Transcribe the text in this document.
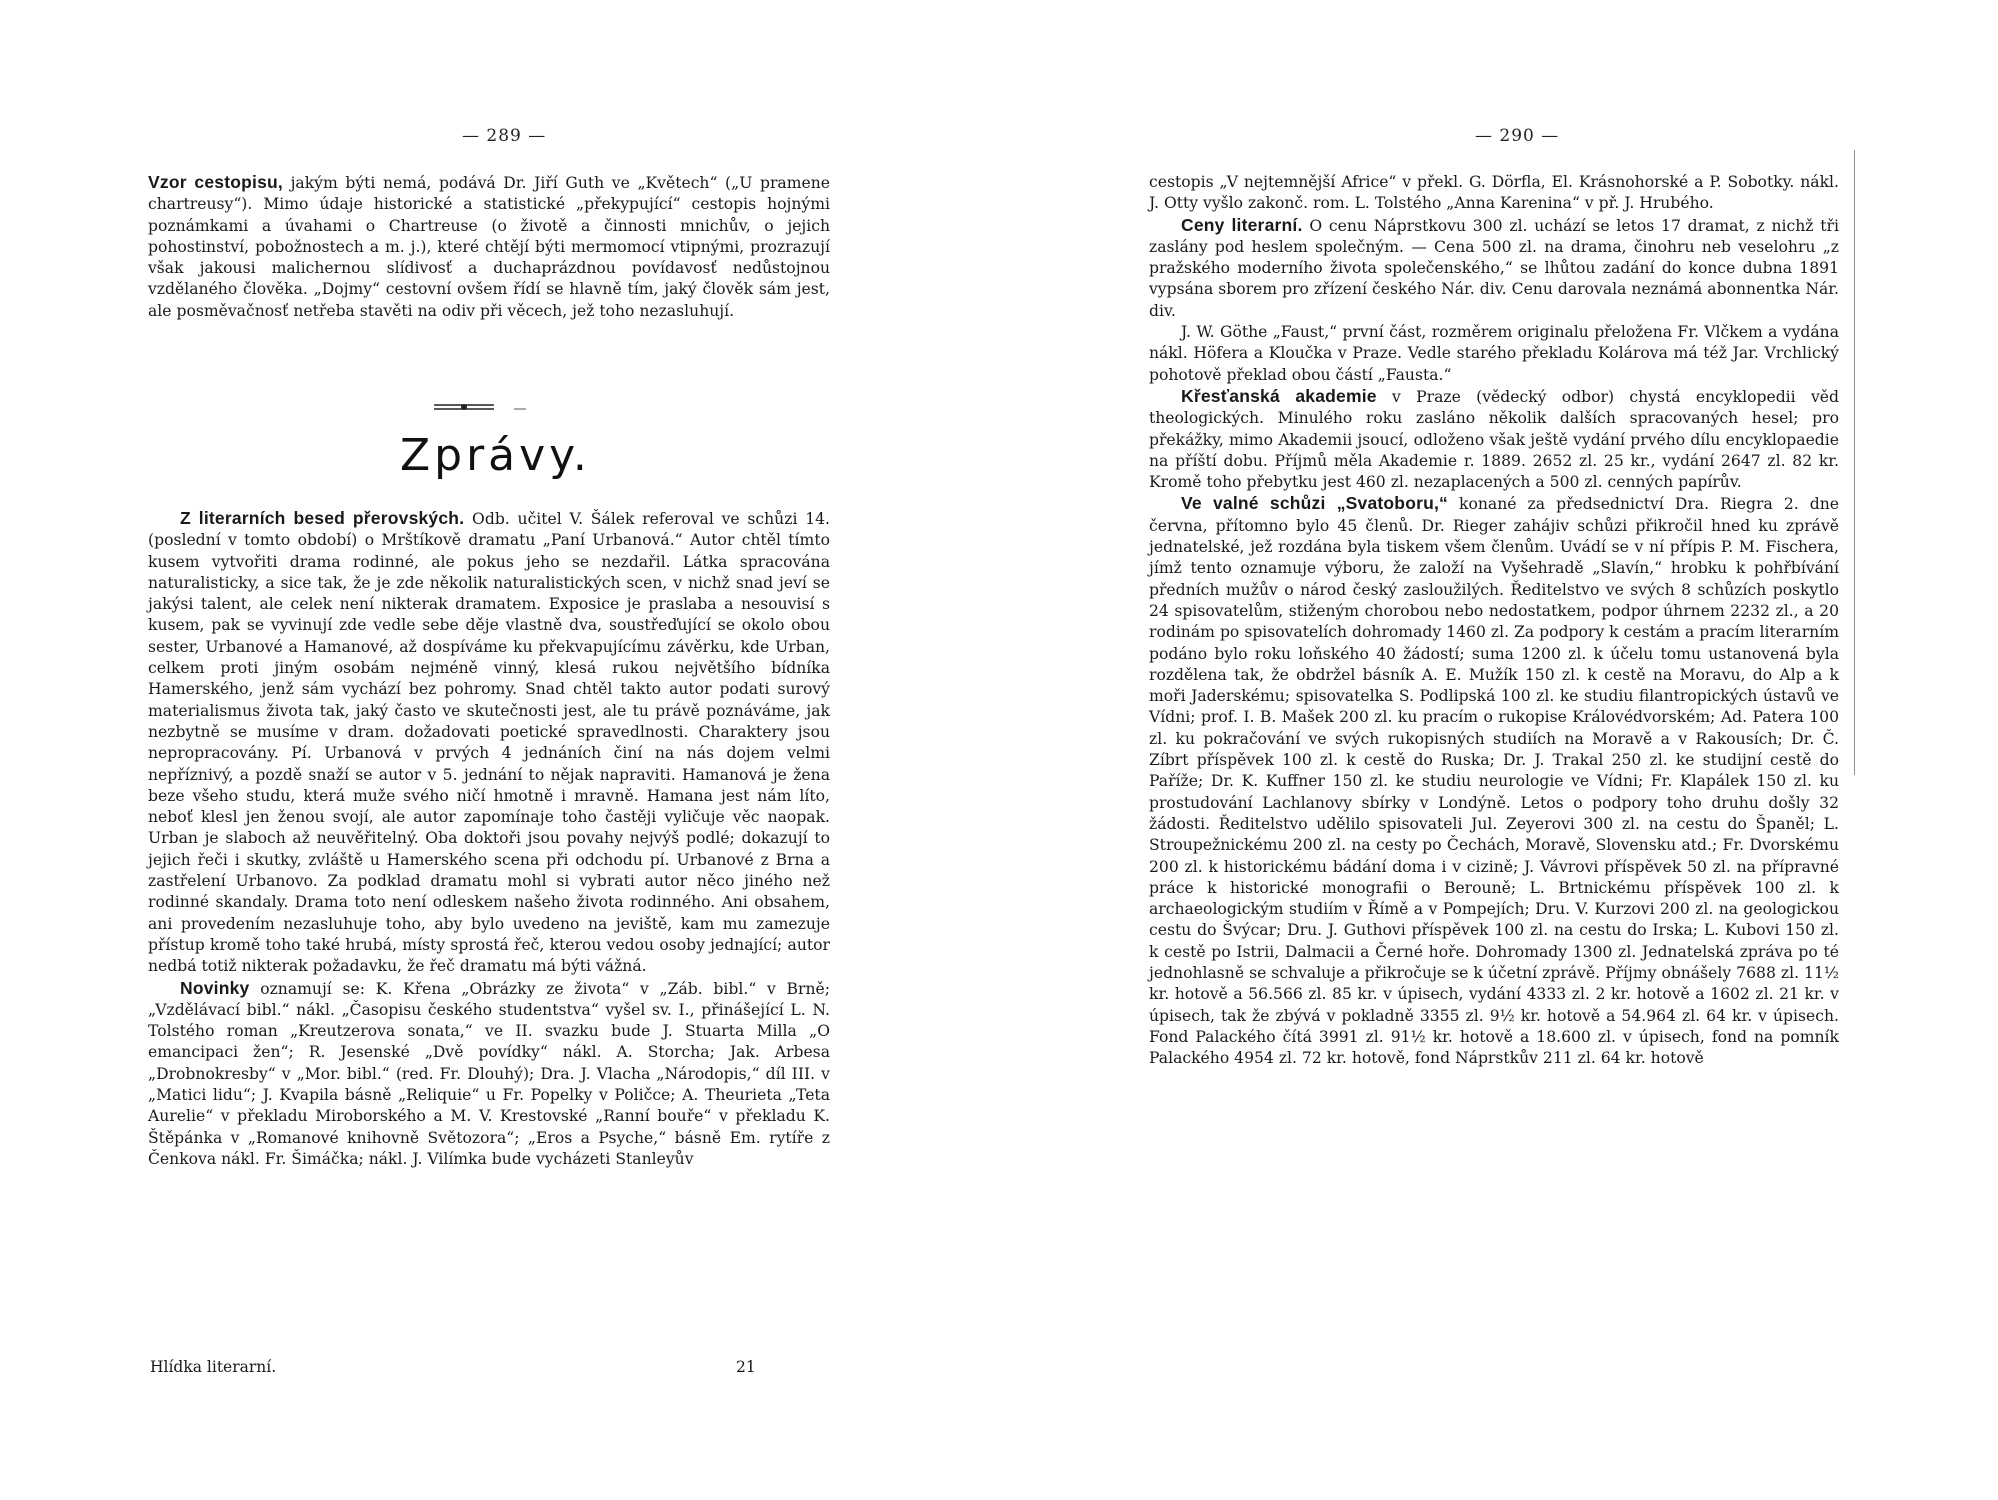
— 289 —

Vzor cestopisu, jakým býti nemá, podává Dr. Jiří Guth ve „Květech“ („U pramene chartreusy“). Mimo údaje historické a statistické „překypující“ cestopis hojnými poznámkami a úvahami o Chartreuse (o životě a činnosti mnichův, o jejich pohostinství, pobožnostech a m. j.), které chtějí býti mermomocí vtipnými, prozrazují však jakousi malichernou slídivosť a duchaprázdnou povídavosť nedůstojnou vzdělaného člověka. „Dojmy“ cestovní ovšem řídí se hlavně tím, jaký člověk sám jest, ale posměvačnosť netřeba stavěti na odiv při věcech, jež toho nezasluhují.

Zprávy.

Z literarních besed přerovských. Odb. učitel V. Šálek referoval ve schůzi 14. (poslední v tomto období) o Mrštíkově dramatu „Paní Urbanová.“ Autor chtěl tímto kusem vytvořiti drama rodinné, ale pokus jeho se nezdařil. Látka spracována naturalisticky, a sice tak, že je zde několik naturalistických scen, v nichž snad jeví se jakýsi talent, ale celek není nikterak dramatem. Exposice je praslaba a nesouvisí s kusem, pak se vyvinují zde vedle sebe děje vlastně dva, soustřeďující se okolo obou sester, Urbanové a Hamanové, až dospíváme ku překvapujícímu závěrku, kde Urban, celkem proti jiným osobám nejméně vinný, klesá rukou největšího bídníka Hamerského, jenž sám vychází bez pohromy. Snad chtěl takto autor podati surový materialismus života tak, jaký často ve skutečnosti jest, ale tu právě poznáváme, jak nezbytně se musíme v dram. dožadovati poetické spravedlnosti. Charaktery jsou nepropracovány. Pí. Urbanová v prvých 4 jednáních činí na nás dojem velmi nepříznivý, a pozdě snaží se autor v 5. jednání to nějak napraviti. Hamanová je žena beze všeho studu, která muže svého ničí hmotně i mravně. Hamana jest nám líto, neboť klesl jen ženou svojí, ale autor zapomínaje toho častěji vyličuje věc naopak. Urban je slaboch až neuvěřitelný. Oba doktoři jsou povahy nejvýš podlé; dokazují to jejich řeči i skutky, zvláště u Hamerského scena při odchodu pí. Urbanové z Brna a zastřelení Urbanovo. Za podklad dramatu mohl si vybrati autor něco jiného než rodinné skandaly. Drama toto není odleskem našeho života rodinného. Ani obsahem, ani provedením nezasluhuje toho, aby bylo uvedeno na jeviště, kam mu zamezuje přístup kromě toho také hrubá, místy sprostá řeč, kterou vedou osoby jednající; autor nedbá totiž nikterak požadavku, že řeč dramatu má býti vážná.

Novinky oznamují se: K. Křena „Obrázky ze života“ v „Záb. bibl.“ v Brně; „Vzdělávací bibl.“ nákl. „Časopisu českého studentstva“ vyšel sv. I., přinášející L. N. Tolstého roman „Kreutzerova sonata,“ ve II. svazku bude J. Stuarta Milla „O emancipaci žen“; R. Jesenské „Dvě povídky“ nákl. A. Storcha; Jak. Arbesa „Drobnokresby“ v „Mor. bibl.“ (red. Fr. Dlouhý); Dra. J. Vlacha „Národopis,“ díl III. v „Matici lidu“; J. Kvapila básně „Reliquie“ u Fr. Popelky v Poličce; A. Theurieta „Teta Aurelie“ v překladu Miroborského a M. V. Krestovské „Ranní bouře“ v překladu K. Štěpánka v „Romanové knihovně Světozora“; „Eros a Psyche,“ básně Em. rytíře z Čenkova nákl. Fr. Šimáčka; nákl. J. Vilímka bude vycházeti Stanleyův

Hlídka literarní.	21
— 290 —

cestopis „V nejtemnější Africe“ v překl. G. Dörfla, El. Krásnohorské a P. Sobotky. nákl. J. Otty vyšlo zakonč. rom. L. Tolstého „Anna Karenina“ v př. J. Hrubého.

Ceny literarní. O cenu Náprstkovu 300 zl. uchází se letos 17 dramat, z nichž tři zaslány pod heslem společným. — Cena 500 zl. na drama, činohru neb veselohru „z pražského moderního života společenského,“ se lhůtou zadání do konce dubna 1891 vypsána sborem pro zřízení českého Nár. div. Cenu darovala neznámá abonnentka Nár. div.

J. W. Göthe „Faust,“ první část, rozměrem originalu přeložena Fr. Vlčkem a vydána nákl. Höfera a Kloučka v Praze. Vedle starého překladu Kolárova má též Jar. Vrchlický pohotově překlad obou částí „Fausta.“

Křesťanská akademie v Praze (vědecký odbor) chystá encyklopedii věd theologických. Minulého roku zasláno několik dalších spracovaných hesel; pro překážky, mimo Akademii jsoucí, odloženo však ještě vydání prvého dílu encyklopaedie na příští dobu. Příjmů měla Akademie r. 1889. 2652 zl. 25 kr., vydání 2647 zl. 82 kr. Kromě toho přebytku jest 460 zl. nezaplacených a 500 zl. cenných papírův.

Ve valné schůzi „Svatoboru,“ konané za předsednictví Dra. Riegra 2. dne června, přítomno bylo 45 členů. Dr. Rieger zahájiv schůzi přikročil hned ku zprávě jednatelské, jež rozdána byla tiskem všem členům. Uvádí se v ní přípis P. M. Fischera, jímž tento oznamuje výboru, že založí na Vyšehradě „Slavín,“ hrobku k pohřbívání předních mužův o národ český zasloužilých. Ředitelstvo ve svých 8 schůzích poskytlo 24 spisovatelům, stiženým chorobou nebo nedostatkem, podpor úhrnem 2232 zl., a 20 rodinám po spisovatelích dohromady 1460 zl. Za podpory k cestám a pracím literarním podáno bylo roku loňského 40 žádostí; suma 1200 zl. k účelu tomu ustanovená byla rozdělena tak, že obdržel básník A. E. Mužík 150 zl. k cestě na Moravu, do Alp a k moři Jaderskému; spisovatelka S. Podlipská 100 zl. ke studiu filantropických ústavů ve Vídni; prof. I. B. Mašek 200 zl. ku pracím o rukopise Královédvorském; Ad. Patera 100 zl. ku pokračování ve svých rukopisných studiích na Moravě a v Rakousích; Dr. Č. Zíbrt příspěvek 100 zl. k cestě do Ruska; Dr. J. Trakal 250 zl. ke studijní cestě do Paříže; Dr. K. Kuffner 150 zl. ke studiu neurologie ve Vídni; Fr. Klapálek 150 zl. ku prostudování Lachlanovy sbírky v Londýně. Letos o podpory toho druhu došly 32 žádosti. Ředitelstvo udělilo spisovateli Jul. Zeyerovi 300 zl. na cestu do Španěl; L. Stroupežnickému 200 zl. na cesty po Čechách, Moravě, Slovensku atd.; Fr. Dvorskému 200 zl. k historickému bádání doma i v cizině; J. Vávrovi příspěvek 50 zl. na přípravné práce k historické monografii o Berouně; L. Brtnickému příspěvek 100 zl. k archaeologickým studiím v Římě a v Pompejích; Dru. V. Kurzovi 200 zl. na geologickou cestu do Švýcar; Dru. J. Guthovi příspěvek 100 zl. na cestu do Irska; L. Kubovi 150 zl. k cestě po Istrii, Dalmacii a Černé hoře. Dohromady 1300 zl. Jednatelská zpráva po té jednohlasně se schvaluje a přikročuje se k účetní zprávě. Příjmy obnášely 7688 zl. 11½ kr. hotově a 56.566 zl. 85 kr. v úpisech, vydání 4333 zl. 2 kr. hotově a 1602 zl. 21 kr. v úpisech, tak že zbývá v pokladně 3355 zl. 9½ kr. hotově a 54.964 zl. 64 kr. v úpisech. Fond Palackého čítá 3991 zl. 91½ kr. hotově a 18.600 zl. v úpisech, fond na pomník Palackého 4954 zl. 72 kr. hotově, fond Náprstkův 211 zl. 64 kr. hotově
